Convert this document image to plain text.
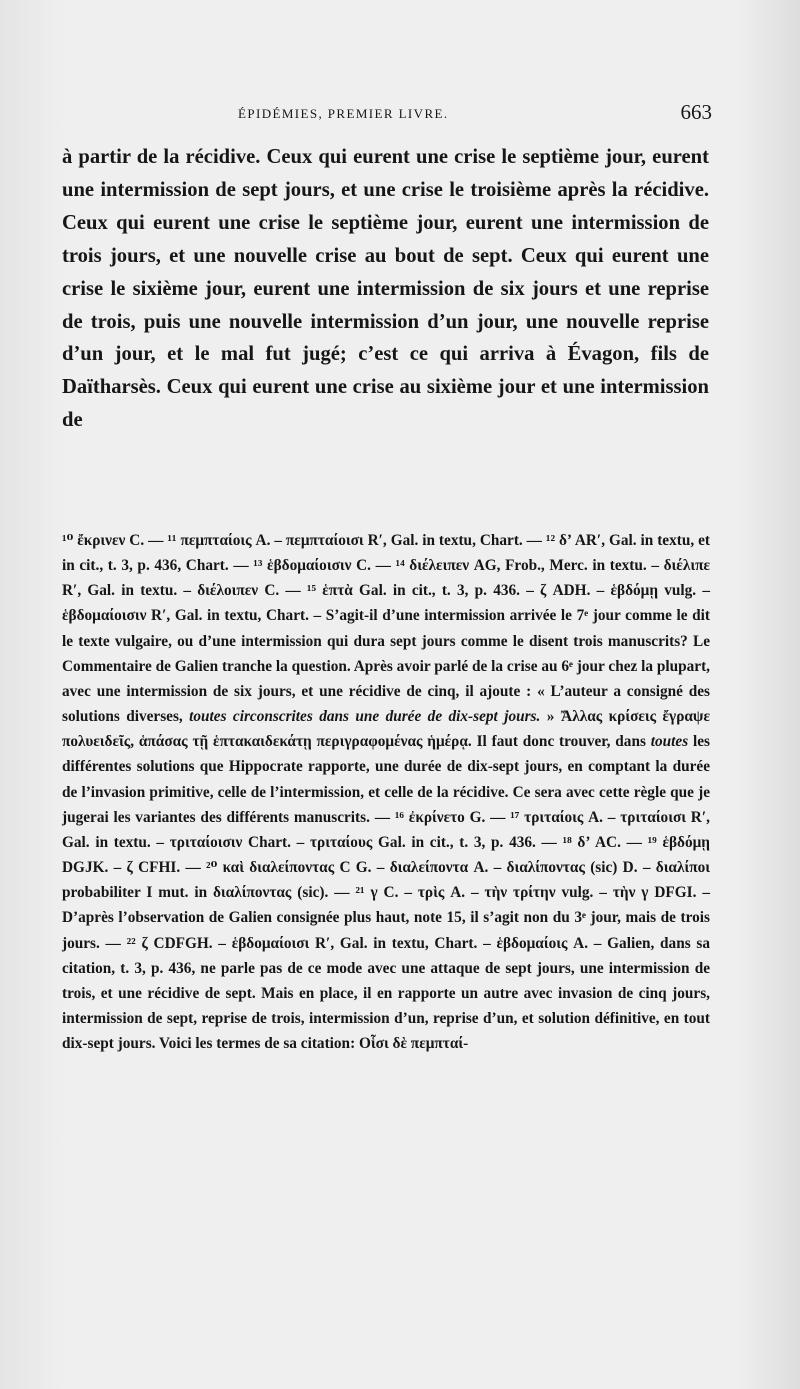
ÉPIDÉMIES, PREMIER LIVRE.	663

à partir de la récidive. Ceux qui eurent une crise le septième jour, eurent une intermission de sept jours, et une crise le troisième après la récidive. Ceux qui eurent une crise le septième jour, eurent une intermission de trois jours, et une nouvelle crise au bout de sept. Ceux qui eurent une crise le sixième jour, eurent une intermission de six jours et une reprise de trois, puis une nouvelle intermission d’un jour, une nouvelle reprise d’un jour, et le mal fut jugé; c’est ce qui arriva à Évagon, fils de Daïtharsès. Ceux qui eurent une crise au sixième jour et une intermission de

¹⁰ ἔκρινεν C. — ¹¹ πεμπταίοις A. – πεμπταίοισι R′, Gal. in textu, Chart. — ¹² δ’ AR′, Gal. in textu, et in cit., t. 3, p. 436, Chart. — ¹³ ἑβδομαίοισιν C. — ¹⁴ διέλειπεν AG, Frob., Merc. in textu. – διέλιπε R′, Gal. in textu. – διέλοιπεν C. — ¹⁵ ἑπτὰ Gal. in cit., t. 3, p. 436. – ζ ADH. – ἑβδόμῃ vulg. – ἑβδομαίοισιν R′, Gal. in textu, Chart. – S’agit-il d’une intermission arrivée le 7ᵉ jour comme le dit le texte vulgaire, ou d’une intermission qui dura sept jours comme le disent trois manuscrits? Le Commentaire de Galien tranche la question. Après avoir parlé de la crise au 6ᵉ jour chez la plupart, avec une intermission de six jours, et une récidive de cinq, il ajoute : « L’auteur a consigné des solutions diverses, toutes circonscrites dans une durée de dix-sept jours. » Ἄλλας κρίσεις ἔγραψε πολυειδεῖς, ἁπάσας τῇ ἑπτακαιδεκάτῃ περιγραφομένας ἡμέρᾳ. Il faut donc trouver, dans toutes les différentes solutions que Hippocrate rapporte, une durée de dix-sept jours, en comptant la durée de l’invasion primitive, celle de l’intermission, et celle de la récidive. Ce sera avec cette règle que je jugerai les variantes des différents manuscrits. — ¹⁶ ἐκρίνετο G. — ¹⁷ τριταίοις A. – τριταίοισι R′, Gal. in textu. – τριταίοισιν Chart. – τριταίους Gal. in cit., t. 3, p. 436. — ¹⁸ δ’ AC. — ¹⁹ ἑβδόμῃ DGJK. – ζ CFHI. — ²⁰ καὶ διαλείποντας C G. – διαλείποντα A. – διαλίποντας (sic) D. – διαλίποι probabiliter I mut. in διαλίποντας (sic). — ²¹ γ C. – τρὶς A. – τὴν τρίτην vulg. – τὴν γ DFGI. – D’après l’observation de Galien consignée plus haut, note 15, il s’agit non du 3ᵉ jour, mais de trois jours. — ²² ζ CDFGH. – ἑβδομαίοισι R′, Gal. in textu, Chart. – ἑβδομαίοις A. – Galien, dans sa citation, t. 3, p. 436, ne parle pas de ce mode avec une attaque de sept jours, une intermission de trois, et une récidive de sept. Mais en place, il en rapporte un autre avec invasion de cinq jours, intermission de sept, reprise de trois, intermission d’un, reprise d’un, et solution définitive, en tout dix-sept jours. Voici les termes de sa citation: Οἷσι δὲ πεμπταί-
